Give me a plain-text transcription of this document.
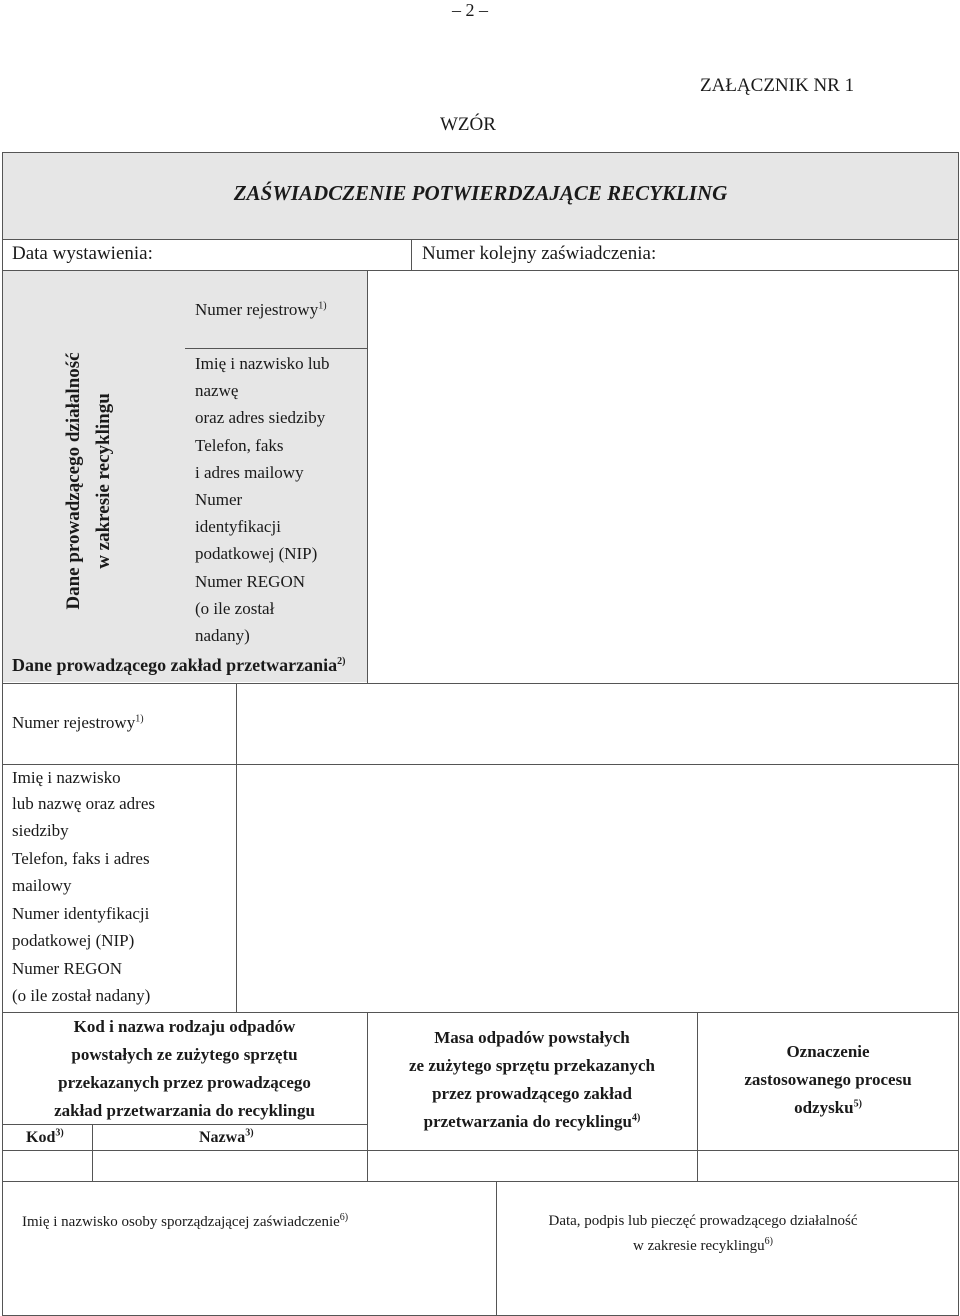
– 2 –
ZAŁĄCZNIK NR 1
WZÓR
ZAŚWIADCZENIE POTWIERDZAJĄCE RECYKLING
Data wystawienia:	Numer kolejny zaświadczenia:
Dane prowadzącego działalność w zakresie recyklingu
Numer rejestrowy$^{1)}$
Imię i nazwisko lub
nazwę
oraz adres siedziby
Telefon, faks
i adres mailowy
Numer
identyfikacji
podatkowej (NIP)
Numer REGON
(o ile został
nadany)
Dane prowadzącego zakład przetwarzania$^{2)}$
Numer rejestrowy$^{1)}$
Imię i nazwisko
lub nazwę oraz adres
siedziby
Telefon, faks i adres
mailowy
Numer identyfikacji
podatkowej (NIP)
Numer REGON
(o ile został nadany)
Kod i nazwa rodzaju odpadów
powstałych ze zużytego sprzętu
przekazanych przez prowadzącego
zakład przetwarzania do recyklingu
Kod$^{3)}$	Nazwa$^{3)}$
Masa odpadów powstałych
ze zużytego sprzętu przekazanych
przez prowadzącego zakład
przetwarzania do recyklingu$^{4)}$
Oznaczenie
zastosowanego procesu
odzysku$^{5)}$
Imię i nazwisko osoby sporządzającej zaświadczenie$^{6)}$	Data, podpis lub pieczęć prowadzącego działalność
w zakresie recyklingu$^{6)}$
